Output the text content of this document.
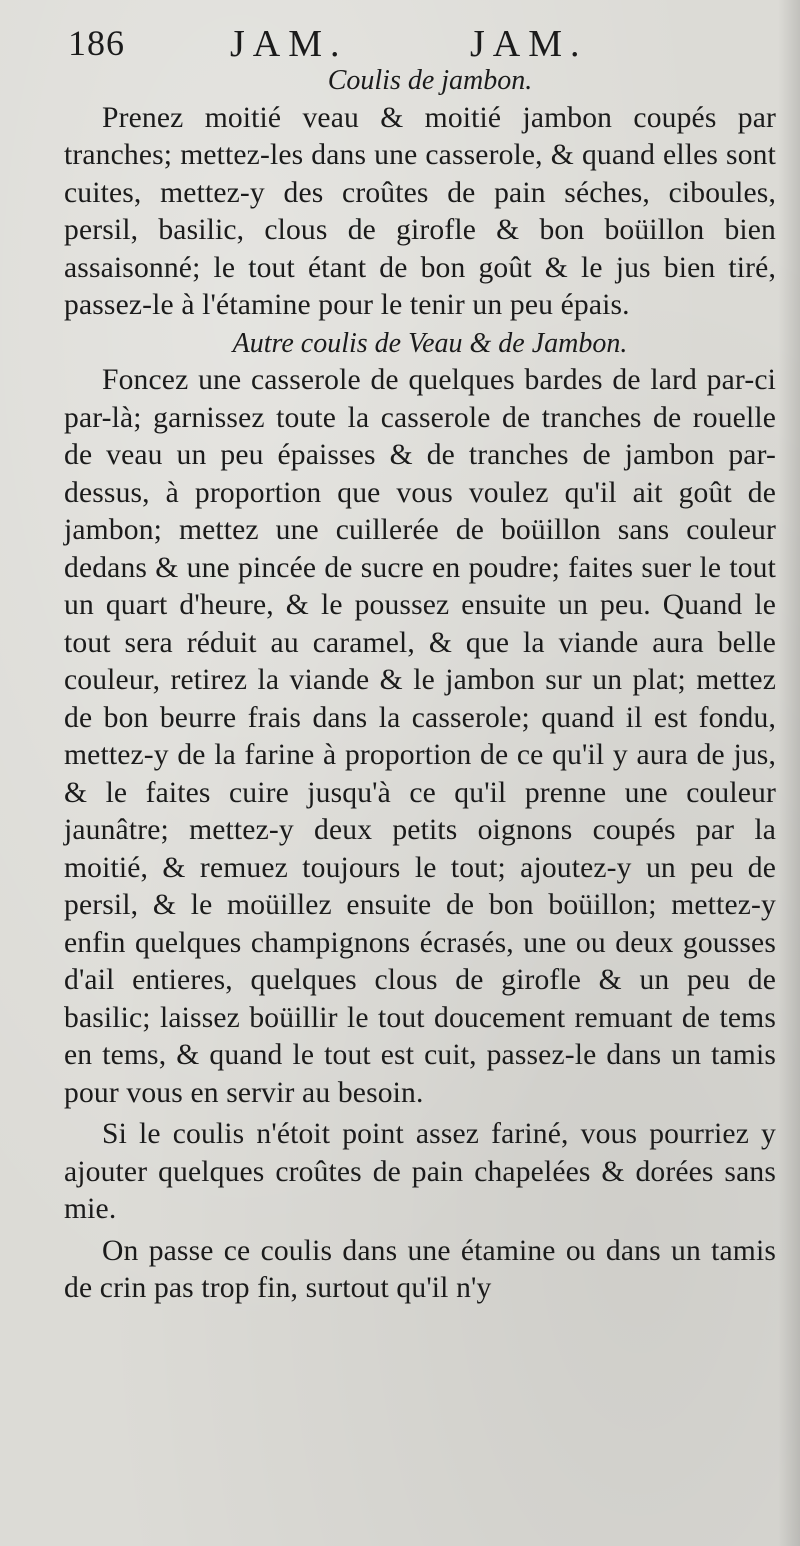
186	JAM.	JAM.
Coulis de jambon.

Prenez moitié veau & moitié jambon coupés par tranches; mettez-les dans une casserole, & quand elles sont cuites, mettez-y des croûtes de pain séches, ciboules, persil, basilic, clous de girofle & bon boüillon bien assaisonné; le tout étant de bon goût & le jus bien tiré, passez-le à l'étamine pour le tenir un peu épais.

Autre coulis de Veau & de Jambon.

Foncez une casserole de quelques bardes de lard par-ci par-là; garnissez toute la casserole de tranches de rouelle de veau un peu épaisses & de tranches de jambon par-dessus, à proportion que vous voulez qu'il ait goût de jambon; mettez une cuillerée de boüillon sans couleur dedans & une pincée de sucre en poudre; faites suer le tout un quart d'heure, & le poussez ensuite un peu. Quand le tout sera réduit au caramel, & que la viande aura belle couleur, retirez la viande & le jambon sur un plat; mettez de bon beurre frais dans la casserole; quand il est fondu, mettez-y de la farine à proportion de ce qu'il y aura de jus, & le faites cuire jusqu'à ce qu'il prenne une couleur jaunâtre; mettez-y deux petits oignons coupés par la moitié, & remuez toujours le tout; ajoutez-y un peu de persil, & le moüillez ensuite de bon boüillon; mettez-y enfin quelques champignons écrasés, une ou deux gousses d'ail entieres, quelques clous de girofle & un peu de basilic; laissez boüillir le tout doucement remuant de tems en tems, & quand le tout est cuit, passez-le dans un tamis pour vous en servir au besoin.

Si le coulis n'étoit point assez fariné, vous pourriez y ajouter quelques croûtes de pain chapelées & dorées sans mie.

On passe ce coulis dans une étamine ou dans un tamis de crin pas trop fin, surtout qu'il n'y
